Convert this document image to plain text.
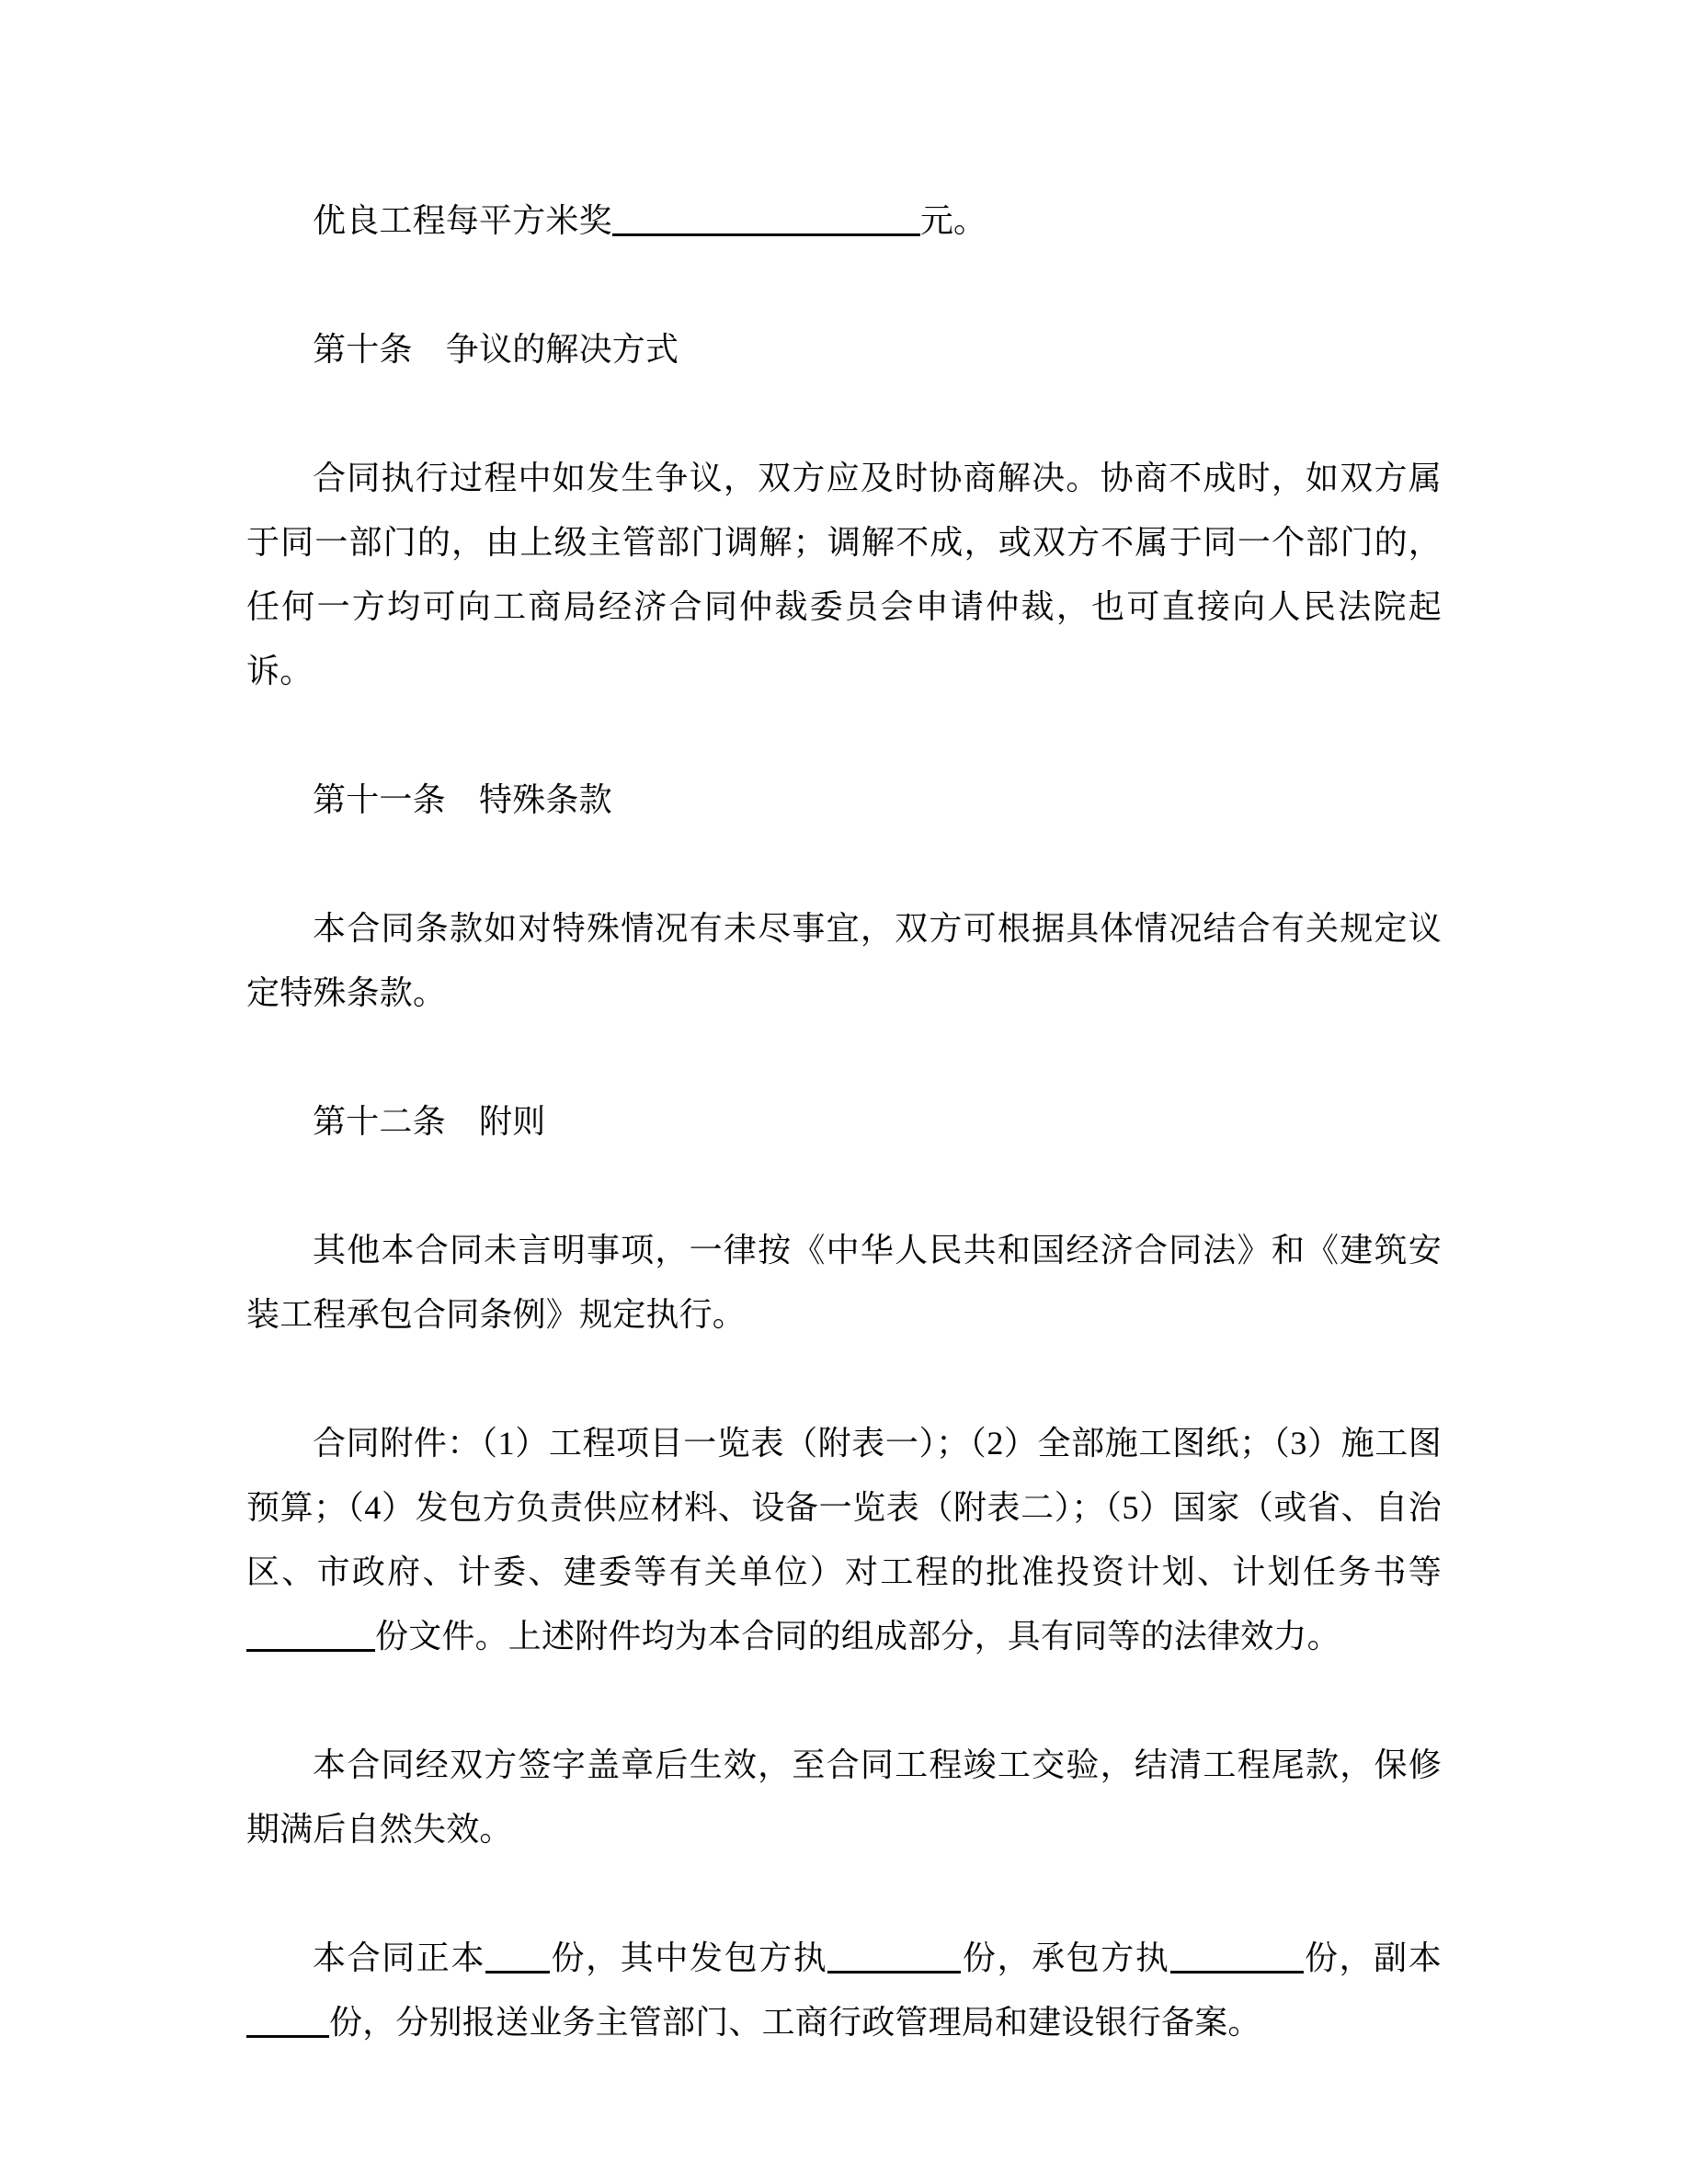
优良工程每平方米奖	元。

第十条　争议的解决方式

合同执行过程中如发生争议，双方应及时协商解决。协商不成时，如双方属于同一部门的，由上级主管部门调解；调解不成，或双方不属于同一个部门的，任何一方均可向工商局经济合同仲裁委员会申请仲裁，也可直接向人民法院起诉。

第十一条　特殊条款

本合同条款如对特殊情况有未尽事宜，双方可根据具体情况结合有关规定议定特殊条款。

第十二条　附则

其他本合同未言明事项，一律按《中华人民共和国经济合同法》和《建筑安装工程承包合同条例》规定执行。

合同附件：（1）工程项目一览表（附表一）；（2）全部施工图纸；（3）施工图预算；（4）发包方负责供应材料、设备一览表（附表二）；（5）国家（或省、自治区、市政府、计委、建委等有关单位）对工程的批准投资计划、计划任务书等份文件。上述附件均为本合同的组成部分，具有同等的法律效力。

本合同经双方签字盖章后生效，至合同工程竣工交验，结清工程尾款，保修期满后自然失效。

本合同正本 份，其中发包方执	份，承包方执	份，副本份，分别报送业务主管部门、工商行政管理局和建设银行备案。
